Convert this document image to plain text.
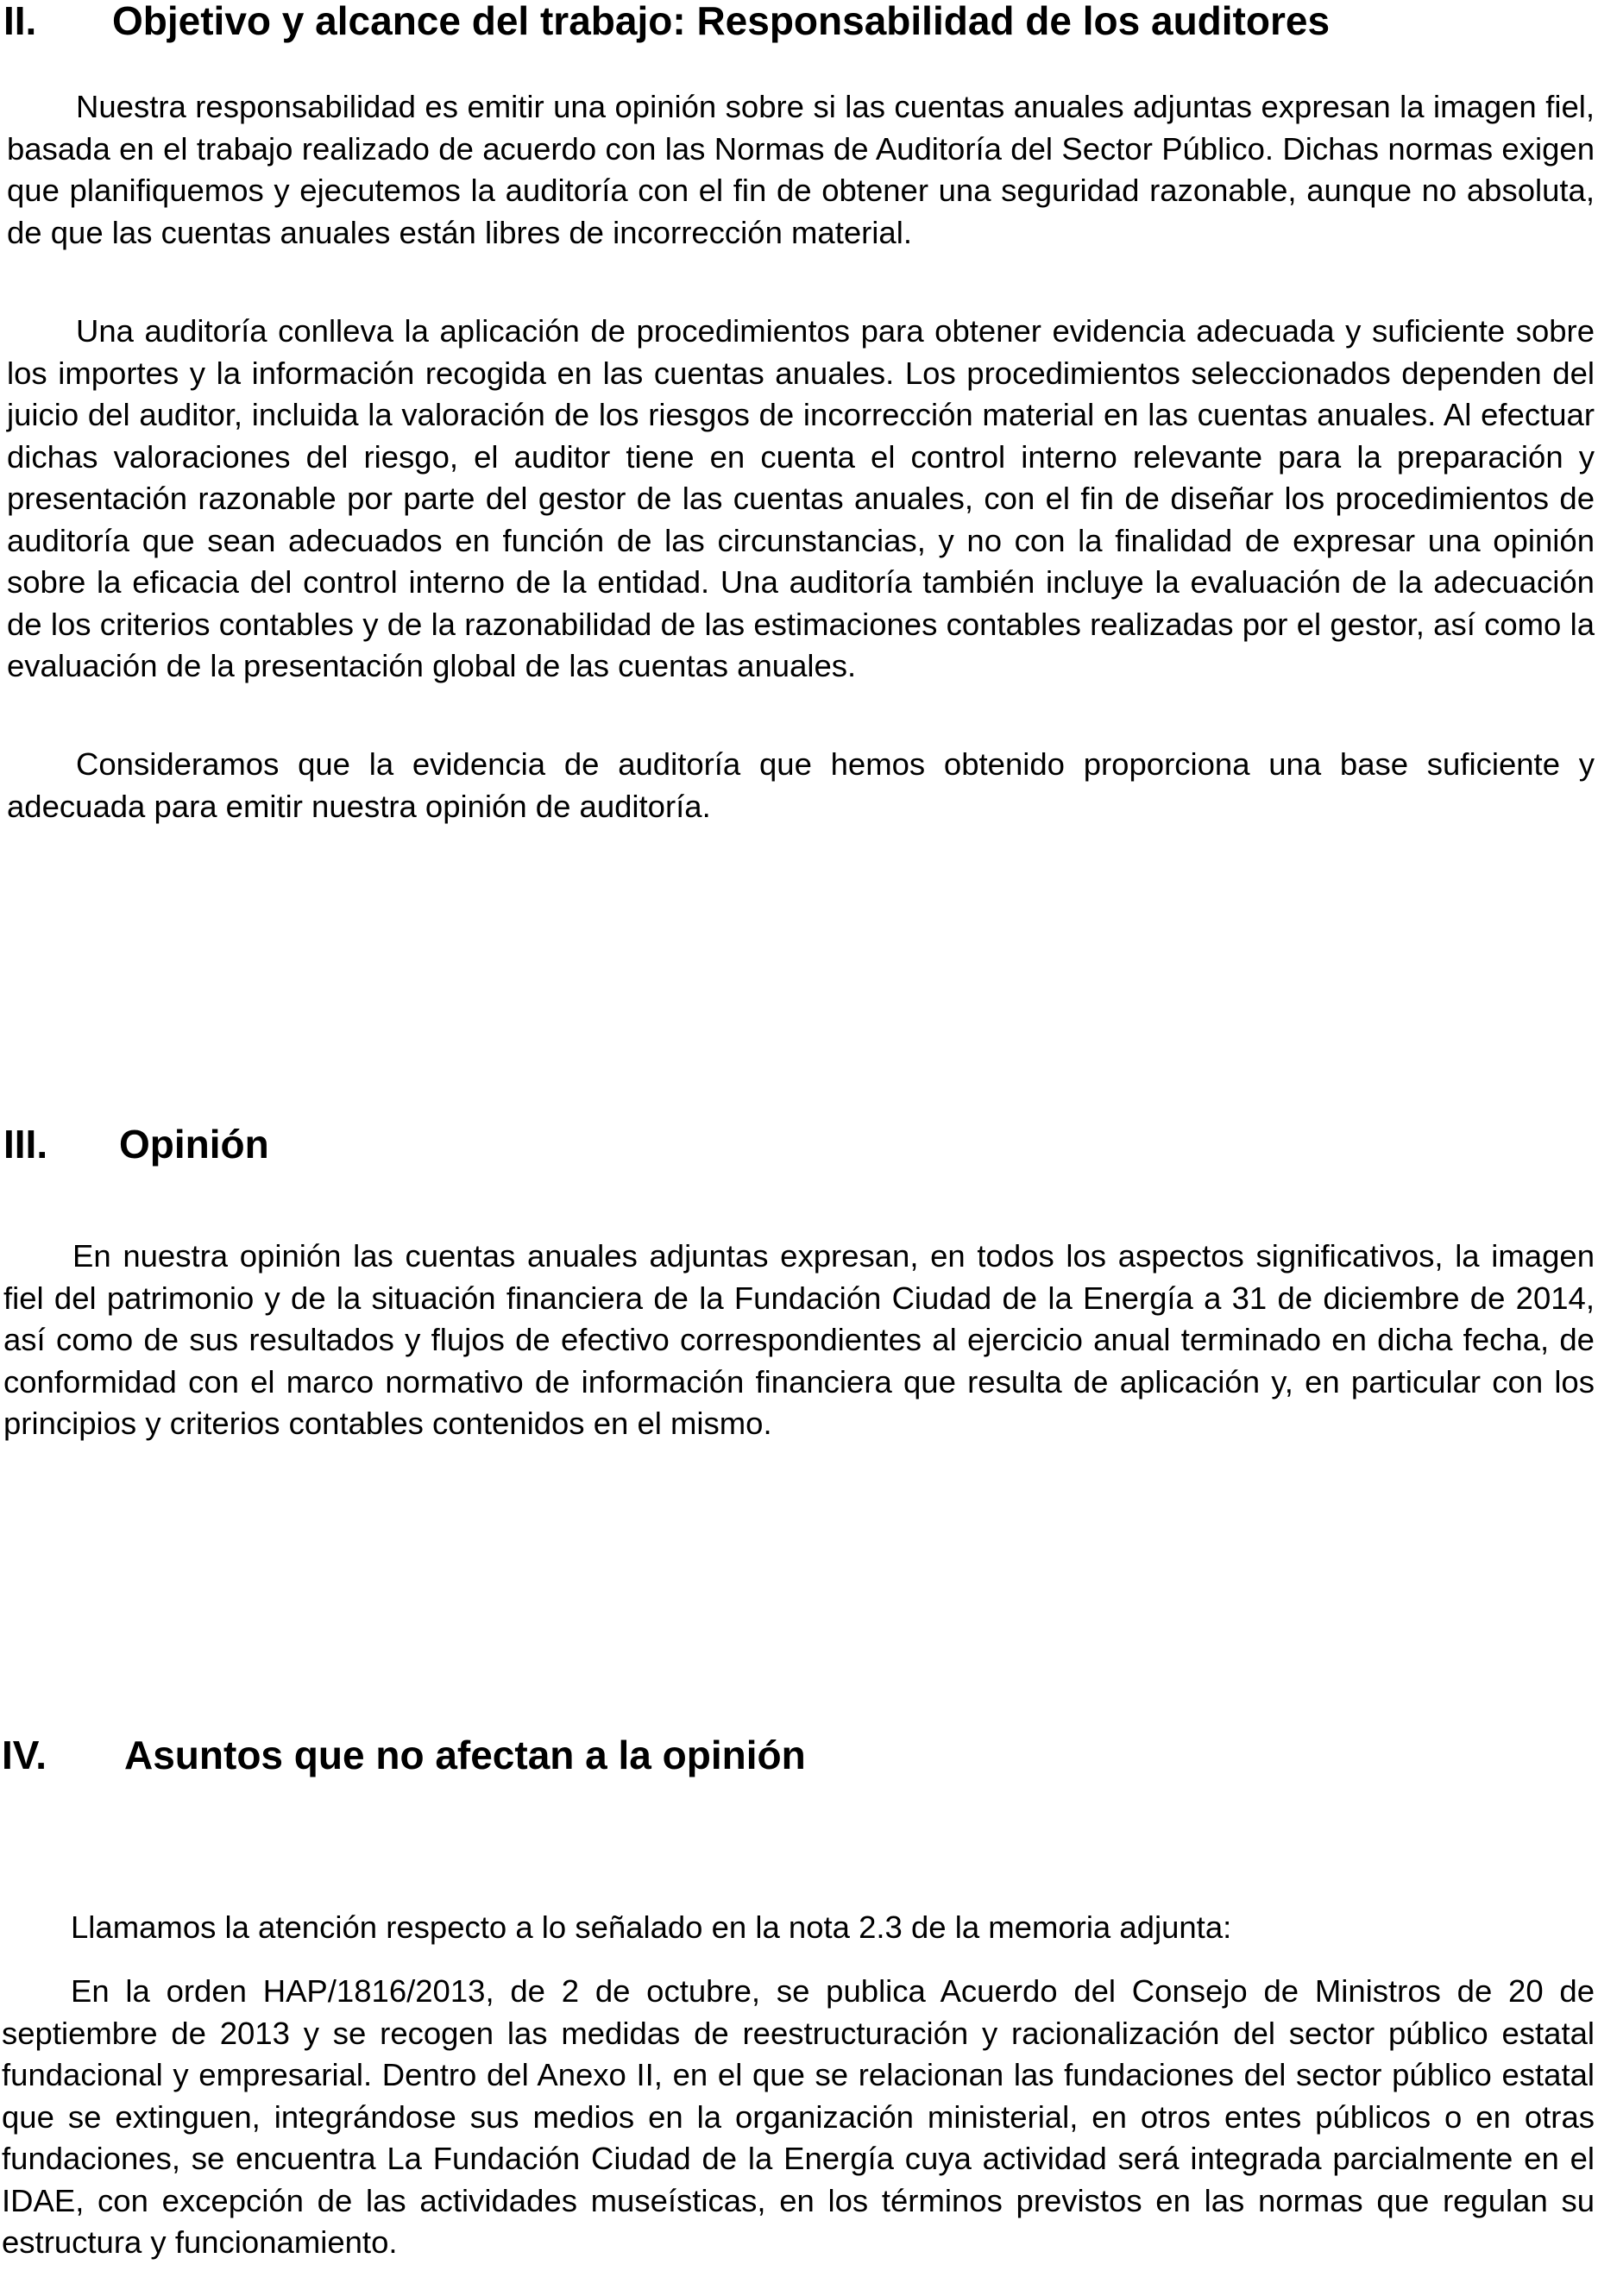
II. Objetivo y alcance del trabajo: Responsabilidad de los auditores

Nuestra responsabilidad es emitir una opinión sobre si las cuentas anuales adjuntas expresan la imagen fiel, basada en el trabajo realizado de acuerdo con las Normas de Auditoría del Sector Público. Dichas normas exigen que planifiquemos y ejecutemos la auditoría con el fin de obtener una seguridad razonable, aunque no absoluta, de que las cuentas anuales están libres de incorrección material.

Una auditoría conlleva la aplicación de procedimientos para obtener evidencia adecuada y suficiente sobre los importes y la información recogida en las cuentas anuales. Los procedimientos seleccionados dependen del juicio del auditor, incluida la valoración de los riesgos de incorrección material en las cuentas anuales. Al efectuar dichas valoraciones del riesgo, el auditor tiene en cuenta el control interno relevante para la preparación y presentación razonable por parte del gestor de las cuentas anuales, con el fin de diseñar los procedimientos de auditoría que sean adecuados en función de las circunstancias, y no con la finalidad de expresar una opinión sobre la eficacia del control interno de la entidad. Una auditoría también incluye la evaluación de la adecuación de los criterios contables y de la razonabilidad de las estimaciones contables realizadas por el gestor, así como la evaluación de la presentación global de las cuentas anuales.

Consideramos que la evidencia de auditoría que hemos obtenido proporciona una base suficiente y adecuada para emitir nuestra opinión de auditoría.

III. Opinión

En nuestra opinión las cuentas anuales adjuntas expresan, en todos los aspectos significativos, la imagen fiel del patrimonio y de la situación financiera de la Fundación Ciudad de la Energía a 31 de diciembre de 2014, así como de sus resultados y flujos de efectivo correspondientes al ejercicio anual terminado en dicha fecha, de conformidad con el marco normativo de información financiera que resulta de aplicación y, en particular con los principios y criterios contables contenidos en el mismo.

IV. Asuntos que no afectan a la opinión

Llamamos la atención respecto a lo señalado en la nota 2.3 de la memoria adjunta:

En la orden HAP/1816/2013, de 2 de octubre, se publica Acuerdo del Consejo de Ministros de 20 de septiembre de 2013 y se recogen las medidas de reestructuración y racionalización del sector público estatal fundacional y empresarial. Dentro del Anexo II, en el que se relacionan las fundaciones del sector público estatal que se extinguen, integrándose sus medios en la organización ministerial, en otros entes públicos o en otras fundaciones, se encuentra La Fundación Ciudad de la Energía cuya actividad será integrada parcialmente en el IDAE, con excepción de las actividades museísticas, en los términos previstos en las normas que regulan su estructura y funcionamiento.
